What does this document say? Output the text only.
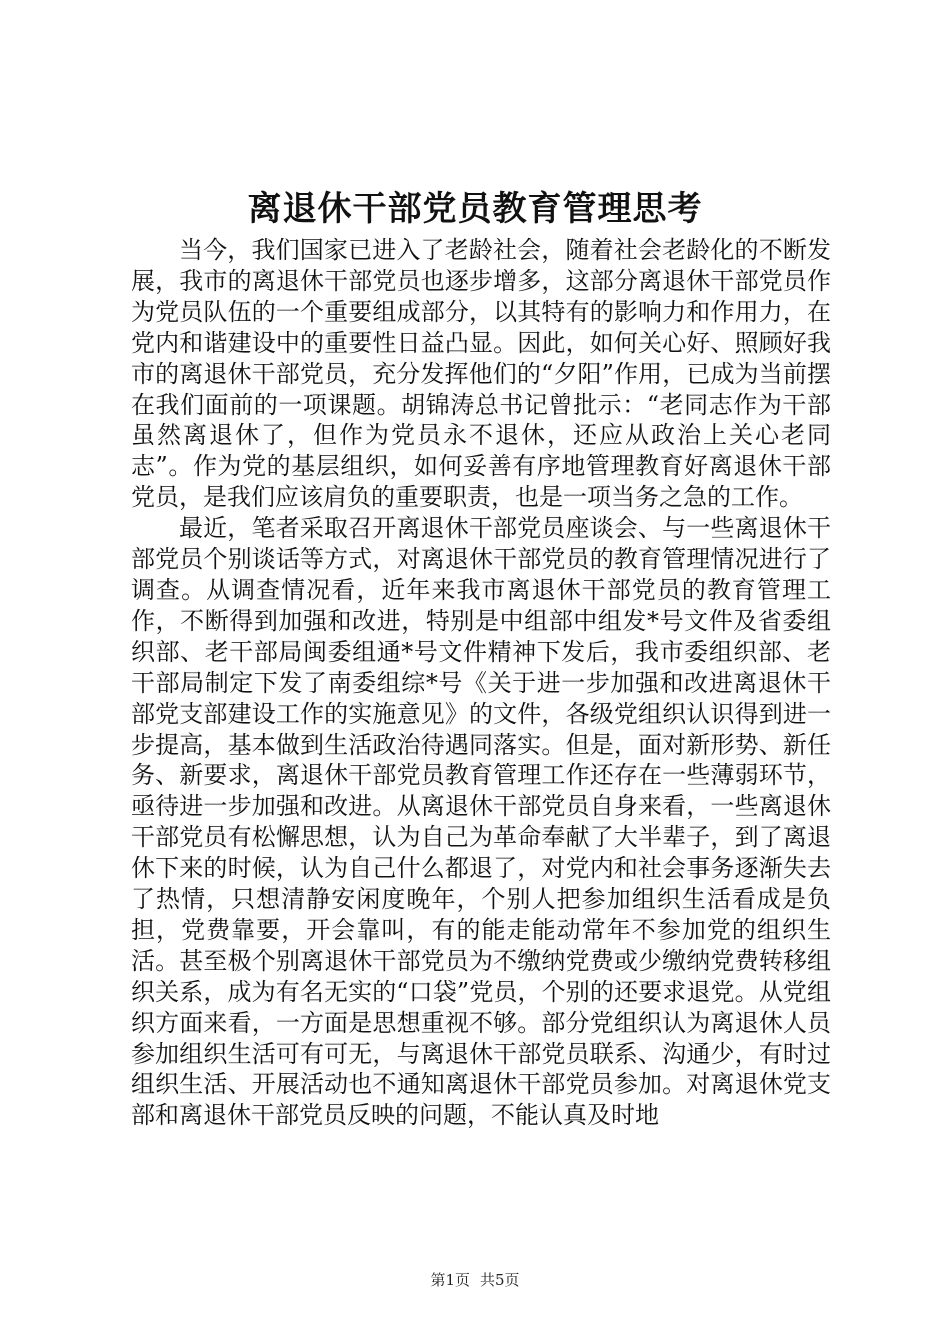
离退休干部党员教育管理思考

当今，我们国家已进入了老龄社会，随着社会老龄化的不断发展，我市的离退休干部党员也逐步增多，这部分离退休干部党员作为党员队伍的一个重要组成部分，以其特有的影响力和作用力，在党内和谐建设中的重要性日益凸显。因此，如何关心好、照顾好我市的离退休干部党员，充分发挥他们的“夕阳”作用，已成为当前摆在我们面前的一项课题。胡锦涛总书记曾批示：“老同志作为干部虽然离退休了，但作为党员永不退休，还应从政治上关心老同志”。作为党的基层组织，如何妥善有序地管理教育好离退休干部党员，是我们应该肩负的重要职责，也是一项当务之急的工作。

最近，笔者采取召开离退休干部党员座谈会、与一些离退休干部党员个别谈话等方式，对离退休干部党员的教育管理情况进行了调查。从调查情况看，近年来我市离退休干部党员的教育管理工作，不断得到加强和改进，特别是中组部中组发*号文件及省委组织部、老干部局闽委组通*号文件精神下发后，我市委组织部、老干部局制定下发了南委组综*号《关于进一步加强和改进离退休干部党支部建设工作的实施意见》的文件，各级党组织认识得到进一步提高，基本做到生活政治待遇同落实。但是，面对新形势、新任务、新要求，离退休干部党员教育管理工作还存在一些薄弱环节，亟待进一步加强和改进。从离退休干部党员自身来看，一些离退休干部党员有松懈思想，认为自己为革命奉献了大半辈子，到了离退休下来的时候，认为自己什么都退了，对党内和社会事务逐渐失去了热情，只想清静安闲度晚年，个别人把参加组织生活看成是负担，党费靠要，开会靠叫，有的能走能动常年不参加党的组织生活。甚至极个别离退休干部党员为不缴纳党费或少缴纳党费转移组织关系，成为有名无实的“口袋”党员，个别的还要求退党。从党组织方面来看，一方面是思想重视不够。部分党组织认为离退休人员参加组织生活可有可无，与离退休干部党员联系、沟通少，有时过组织生活、开展活动也不通知离退休干部党员参加。对离退休党支部和离退休干部党员反映的问题，不能认真及时地

第1页 共5页
